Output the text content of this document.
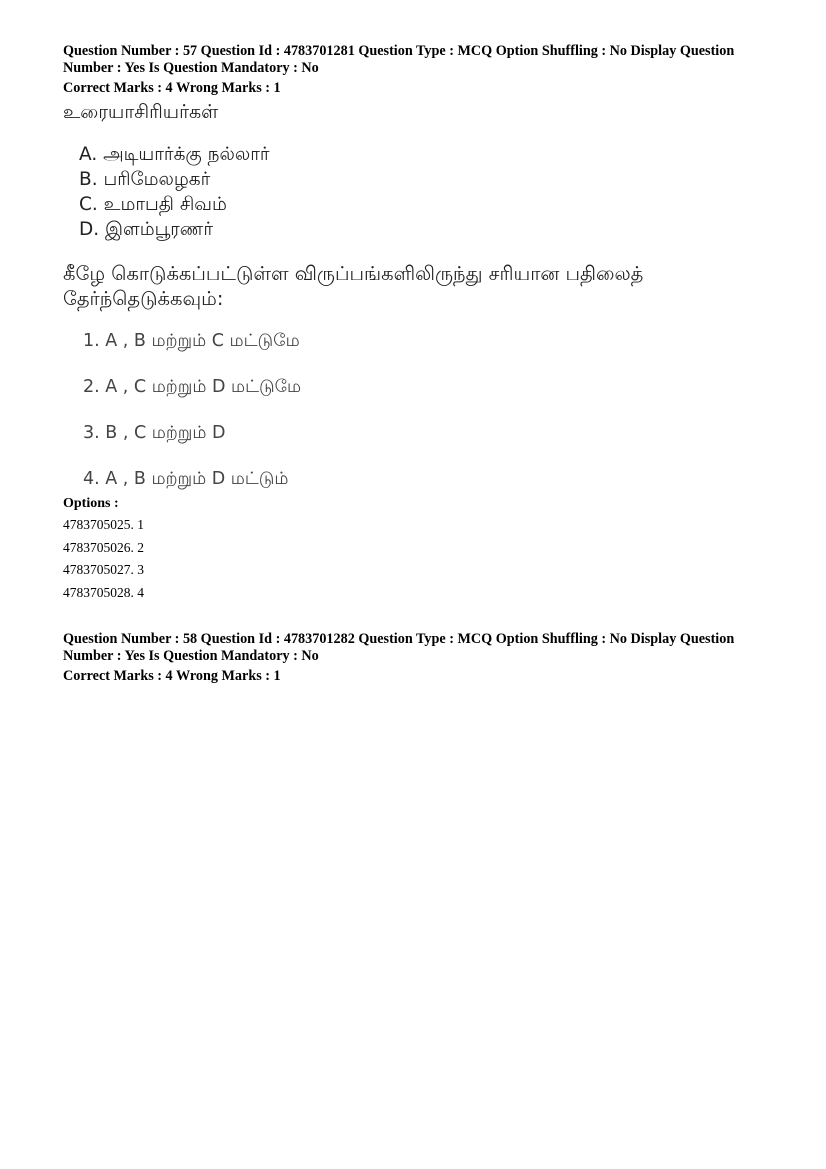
Question Number : 57 Question Id : 4783701281 Question Type : MCQ Option Shuffling : No Display Question
Number : Yes Is Question Mandatory : No
Correct Marks : 4 Wrong Marks : 1
உரையாசிரியர்கள்
A. அடியார்க்கு நல்லார்
B. பரிமேலழகர்
C. உமாபதி சிவம்
D. இளம்பூரணர்
கீழே கொடுக்கப்பட்டுள்ள விருப்பங்களிலிருந்து சரியான பதிலைத் தேர்ந்தெடுக்கவும்:
1. A , B மற்றும் C மட்டுமே
2. A , C மற்றும் D மட்டுமே
3. B , C மற்றும் D
4. A , B மற்றும் D மட்டும்
Options :
4783705025. 1
4783705026. 2
4783705027. 3
4783705028. 4
Question Number : 58 Question Id : 4783701282 Question Type : MCQ Option Shuffling : No Display Question
Number : Yes Is Question Mandatory : No
Correct Marks : 4 Wrong Marks : 1
